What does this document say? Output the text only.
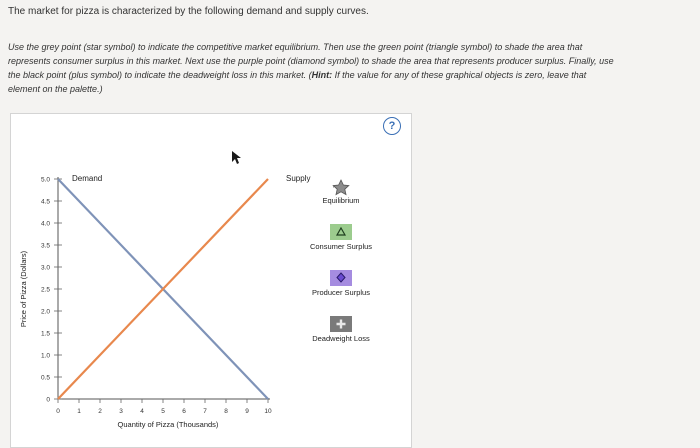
The market for pizza is characterized by the following demand and supply curves.
Use the grey point (star symbol) to indicate the competitive market equilibrium. Then use the green point (triangle symbol) to shade the area that represents consumer surplus in this market. Next use the purple point (diamond symbol) to shade the area that represents producer surplus. Finally, use the black point (plus symbol) to indicate the deadweight loss in this market. (Hint: If the value for any of these graphical objects is zero, leave that element on the palette.)
?
0	1	2	3	4	5	6	7	8	9 10
0
0.5
1.0
1.5
2.0
2.5
3.0
3.5
4.0
4.5
5.0	Demand	Supply
Quantity of Pizza (Thousands)
Price of Pizza (Dollars)
Equilibrium
Consumer Surplus
Producer Surplus
Deadweight Loss
